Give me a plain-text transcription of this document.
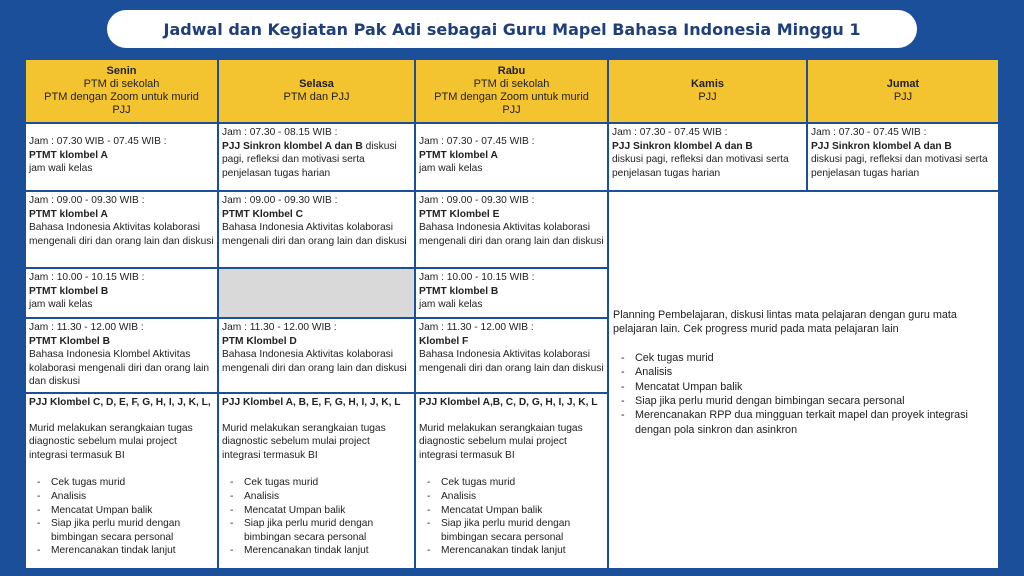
Jadwal dan Kegiatan Pak Adi sebagai Guru Mapel Bahasa Indonesia Minggu 1
Senin
PTM di sekolah
PTM dengan Zoom untuk murid
PJJ
Selasa
PTM dan PJJ
Rabu
PTM di sekolah
PTM dengan Zoom untuk murid
PJJ
Kamis
PJJ
Jumat
PJJ
Jam : 07.30 WIB - 07.45 WIB :
PTMT klombel A
jam wali kelas
Jam : 07.30 - 08.15 WIB :
PJJ Sinkron klombel A dan B diskusi pagi, refleksi dan motivasi serta penjelasan tugas harian
Jam : 07.30 - 07.45 WIB :
PTMT klombel A
jam wali kelas
Jam : 07.30 - 07.45 WIB :
PJJ Sinkron klombel A dan B
diskusi pagi, refleksi dan motivasi serta penjelasan tugas harian
Jam : 07.30 - 07.45 WIB :
PJJ Sinkron klombel A dan B
diskusi pagi, refleksi dan motivasi serta penjelasan tugas harian
Jam : 09.00 - 09.30 WIB :
PTMT klombel A
Bahasa Indonesia Aktivitas kolaborasi mengenali diri dan orang lain dan diskusi
Jam : 09.00 - 09.30 WIB :
PTMT Klombel C
Bahasa Indonesia Aktivitas kolaborasi mengenali diri dan orang lain dan diskusi
Jam : 09.00 - 09.30 WIB :
PTMT Klombel E
Bahasa Indonesia Aktivitas kolaborasi mengenali diri dan orang lain dan diskusi
Planning Pembelajaran, diskusi lintas mata pelajaran dengan guru mata pelajaran lain. Cek progress murid pada mata pelajaran lain
- Cek tugas murid
- Analisis
- Mencatat Umpan balik
- Siap jika perlu murid dengan bimbingan secara personal
- Merencanakan RPP dua mingguan terkait mapel dan proyek integrasi dengan pola sinkron dan asinkron
Jam : 10.00 - 10.15 WIB :
PTMT klombel B
jam wali kelas
Jam : 10.00 - 10.15 WIB :
PTMT klombel B
jam wali kelas
Jam : 11.30 - 12.00 WIB :
PTMT Klombel B
Bahasa Indonesia Klombel Aktivitas kolaborasi mengenali diri dan orang lain dan diskusi
Jam : 11.30 - 12.00 WIB :
PTM Klombel D
Bahasa Indonesia Aktivitas kolaborasi mengenali diri dan orang lain dan diskusi
Jam : 11.30 - 12.00 WIB :
Klombel F
Bahasa Indonesia Aktivitas kolaborasi mengenali diri dan orang lain dan diskusi
PJJ Klombel C, D, E, F, G, H, I, J, K, L,
Murid melakukan serangkaian tugas diagnostic sebelum mulai project integrasi termasuk BI
- Cek tugas murid
- Analisis
- Mencatat Umpan balik
- Siap jika perlu murid dengan bimbingan secara personal
- Merencanakan tindak lanjut
PJJ Klombel A, B, E, F, G, H, I, J, K, L
Murid melakukan serangkaian tugas diagnostic sebelum mulai project integrasi termasuk BI
- Cek tugas murid
- Analisis
- Mencatat Umpan balik
- Siap jika perlu murid dengan bimbingan secara personal
- Merencanakan tindak lanjut
PJJ Klombel A,B, C, D, G, H, I, J, K, L
Murid melakukan serangkaian tugas diagnostic sebelum mulai project integrasi termasuk BI
- Cek tugas murid
- Analisis
- Mencatat Umpan balik
- Siap jika perlu murid dengan bimbingan secara personal
- Merencanakan tindak lanjut
